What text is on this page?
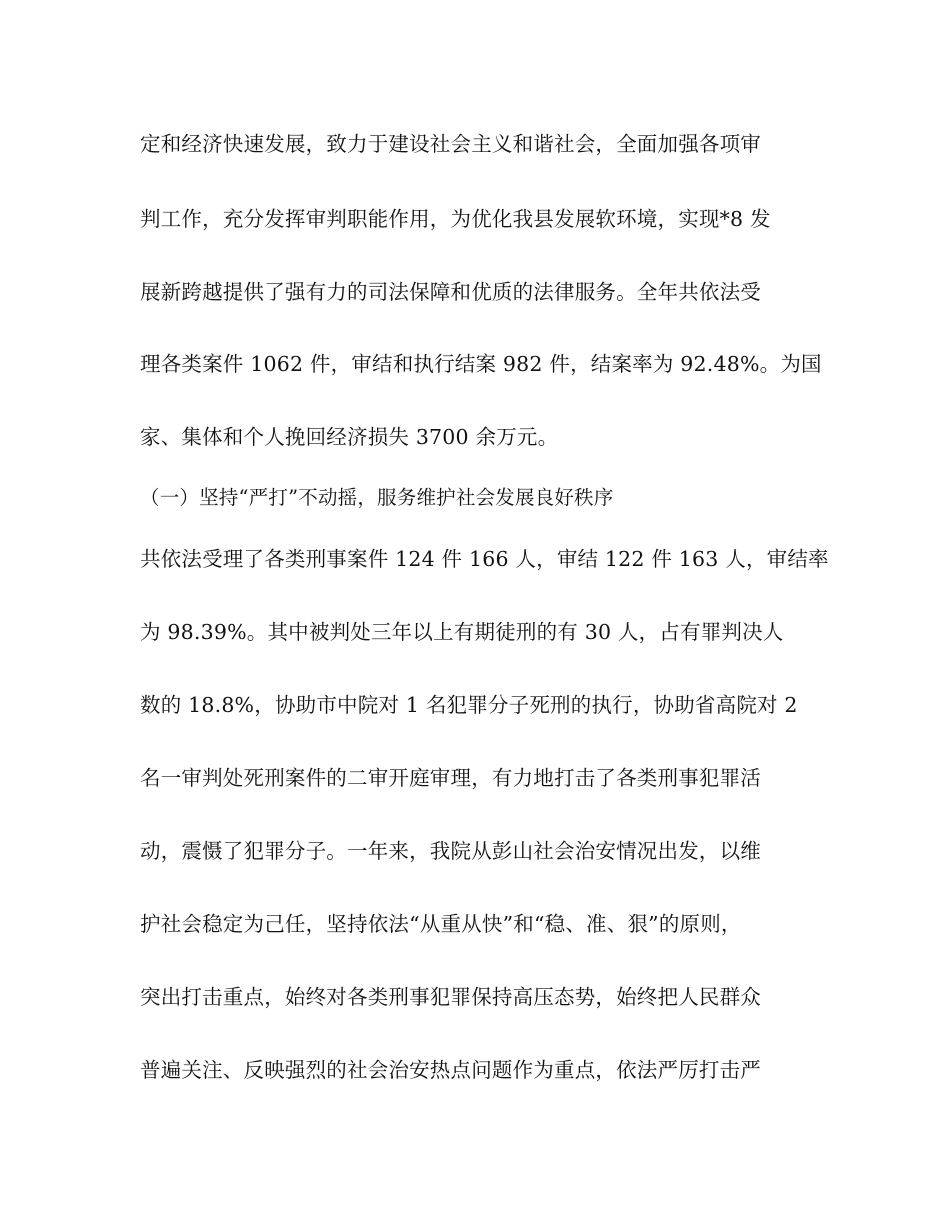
定和经济快速发展，致力于建设社会主义和谐社会，全面加强各项审
判工作，充分发挥审判职能作用，为优化我县发展软环境，实现*8 发
展新跨越提供了强有力的司法保障和优质的法律服务。全年共依法受
理各类案件 1062 件，审结和执行结案 982 件，结案率为 92.48%。为国
家、集体和个人挽回经济损失 3700 余万元。
（一）坚持“严打”不动摇，服务维护社会发展良好秩序
共依法受理了各类刑事案件 124 件 166 人，审结 122 件 163 人，审结率
为 98.39%。其中被判处三年以上有期徒刑的有 30 人，占有罪判决人
数的 18.8%，协助市中院对 1 名犯罪分子死刑的执行，协助省高院对 2
名一审判处死刑案件的二审开庭审理，有力地打击了各类刑事犯罪活
动，震慑了犯罪分子。一年来，我院从彭山社会治安情况出发，以维
护社会稳定为己任，坚持依法“从重从快”和“稳、准、狠”的原则，
突出打击重点，始终对各类刑事犯罪保持高压态势，始终把人民群众
普遍关注、反映强烈的社会治安热点问题作为重点，依法严厉打击严
